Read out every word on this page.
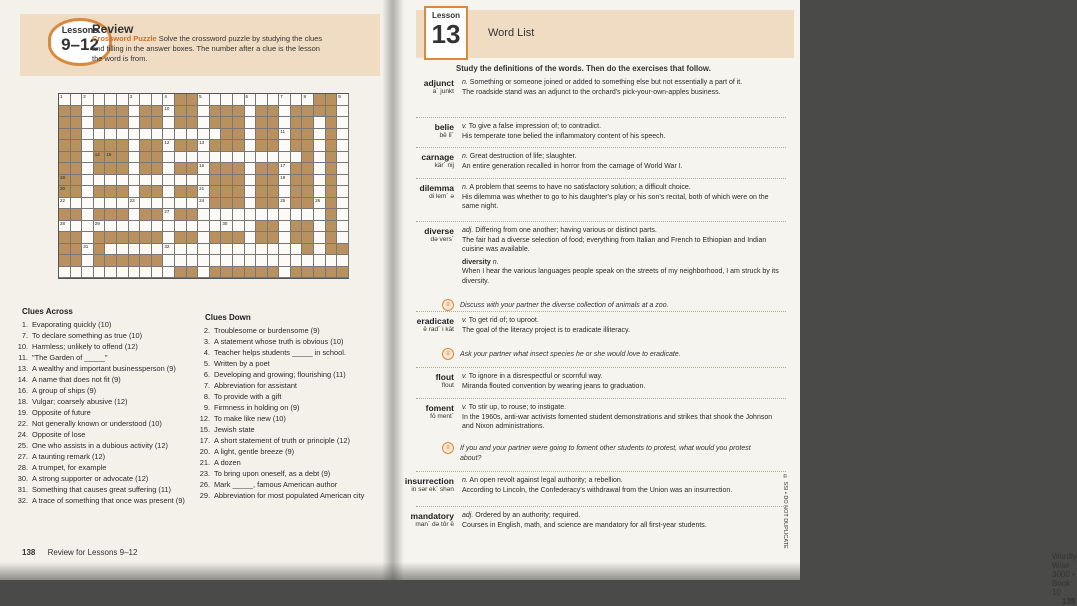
Lessons
9–12
Review
Crossword Puzzle Solve the crossword puzzle by studying the clues and filling in the answer boxes. The number after a clue is the lesson the word is from.
1	2	3	4	5	6	7	8	9
10
11
12	13
14 15
16	17
18	19
20	21
22	23	24	25	26
27
28	29	30
31	32
Clues Across
1. Evaporating quickly (10)
7. To declare something as true (10)
10. Harmless; unlikely to offend (12)
11. "The Garden of _____"
13. A wealthy and important businessperson (9)
14. A name that does not fit (9)
16. A group of ships (9)
18. Vulgar; coarsely abusive (12)
19. Opposite of future
22. Not generally known or understood (10)
24. Opposite of lose
25. One who assists in a dubious activity (12)
27. A taunting remark (12)
28. A trumpet, for example
30. A strong supporter or advocate (12)
31. Something that causes great suffering (11)
32. A trace of something that once was present (9)
Clues Down
2. Troublesome or burdensome (9)
3. A statement whose truth is obvious (10)
4. Teacher helps students _____ in school.
5. Written by a poet
6. Developing and growing; flourishing (11)
7. Abbreviation for assistant
8. To provide with a gift
9. Firmness in holding on (9)
12. To make like new (10)
15. Jewish state
17. A short statement of truth or principle (12)
20. A light, gentle breeze (9)
21. A dozen
23. To bring upon oneself, as a debt (9)
26. Mark _____, famous American author
29. Abbreviation for most populated American city
138 Review for Lessons 9–12
Lesson
13	Word List
Study the definitions of the words. Then do the exercises that follow.
adjunct
a´ junkt
n. Something or someone joined or added to something else but not essentially a part of it.
The roadside stand was an adjunct to the orchard's pick-your-own-apples business.
belie
bē lī´
v. To give a false impression of; to contradict.
His temperate tone belied the inflammatory content of his speech.
carnage
kär´ nij
n. Great destruction of life; slaughter.
An entire generation recalled in horror from the carnage of World War I.
dilemma
di lem´ ə
n. A problem that seems to have no satisfactory solution; a difficult choice.
His dilemma was whether to go to his daughter's play or his son's recital, both of which were on the same night.
diverse
də vers´
adj. Differing from one another; having various or distinct parts.
The fair had a diverse selection of food; everything from Italian and French to Ethiopian and Indian cuisine was available.
diversity n.
When I hear the various languages people speak on the streets of my neighborhood, I am struck by its diversity.
eradicate
ē rad´ i kāt
v. To get rid of; to uproot.
The goal of the literacy project is to eradicate illiteracy.
flout
flout
v. To ignore in a disrespectful or scornful way.
Miranda flouted convention by wearing jeans to graduation.
foment
fō ment´
v. To stir up, to rouse; to instigate.
In the 1960s, anti-war activists fomented student demonstrations and strikes that shook the Johnson and Nixon administrations.
insurrection
in sər ek´ shən
n. An open revolt against legal authority; a rebellion.
According to Lincoln, the Confederacy's withdrawal from the Union was an insurrection.
mandatory
man´ də tôr ē
adj. Ordered by an authority; required.
Courses in English, math, and science are mandatory for all first-year students.
≡	Discuss with your partner the diverse collection of animals at a zoo.
≡	Ask your partner what insect species he or she would love to eradicate.
≡	If you and your partner were going to foment other students to protest, what would you protest about?
Wordly Wise 3000 • Book 10 139
© SSI • DO NOT DUPLICATE
